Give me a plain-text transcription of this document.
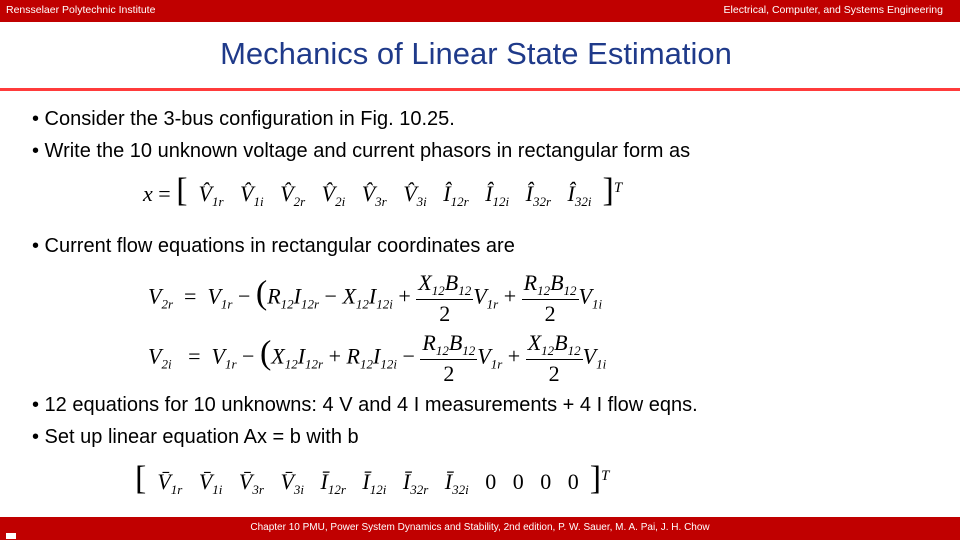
Rensselaer Polytechnic Institute	Electrical, Computer, and Systems Engineering
Mechanics of Linear State Estimation
• Consider the 3-bus configuration in Fig. 10.25.
• Write the 10 unknown voltage and current phasors in rectangular form as
x = [ $V̂_{1r}$ $V̂_{1i}$ $V̂_{2r}$ $V̂_{2i}$ $V̂_{3r}$ $V̂_{3i}$ $Î_{12r}$ $Î_{12i}$ $Î_{32r}$ $Î_{32i}$ ]$^T$
• Current flow equations in rectangular coordinates are
$V_{2r} = V_{1r} - (R_{12}I_{12r} - X_{12}I_{12i} + \frac{X_{12}B_{12}}{2} V_{1r} + \frac{R_{12}B_{12}}{2} V_{1i}$
$V_{2i} = V_{1r} - (X_{12}I_{12r} + R_{12}I_{12i} - \frac{R_{12}B_{12}}{2} V_{1r} + \frac{X_{12}B_{12}}{2} V_{1i}$
• 12 equations for 10 unknowns: 4 V and 4 I measurements + 4 I flow eqns.
• Set up linear equation Ax = b with b
[ $V̄_{1r}$ $V̄_{1i}$ $V̄_{3r}$ $V̄_{3i}$ $Ī_{12r}$ $Ī_{12i}$ $Ī_{32r}$ $Ī_{32i}$   0   0   0   0  ]$^T$
Chapter 10 PMU, Power System Dynamics and Stability, 2nd edition, P. W. Sauer, M. A. Pai, J. H. Chow
